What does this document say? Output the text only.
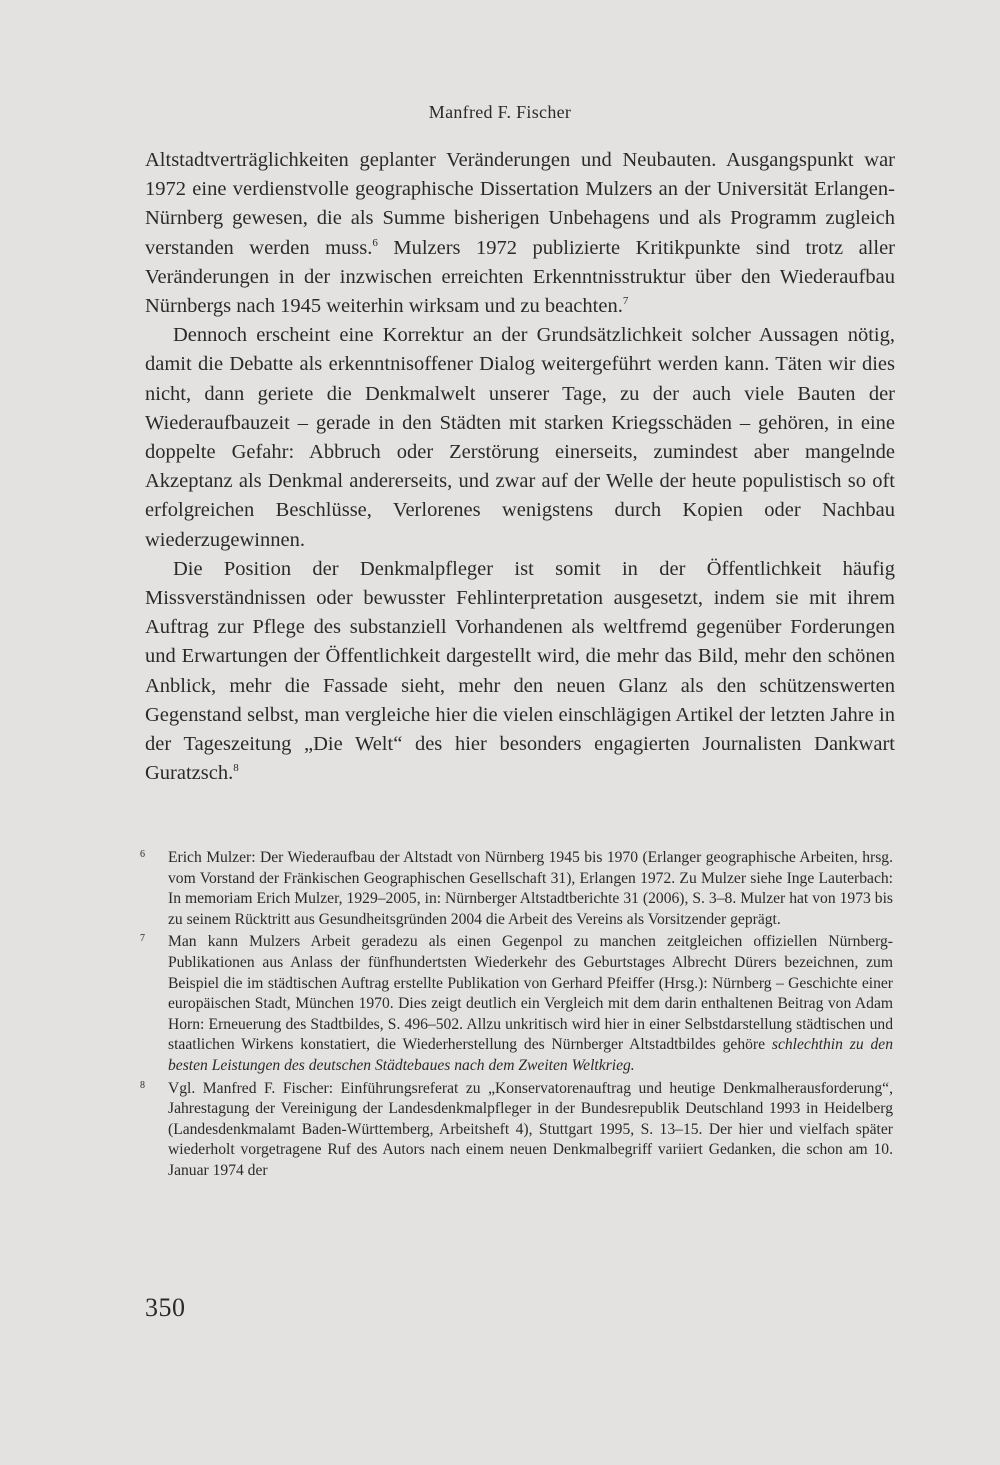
Manfred F. Fischer

Altstadtverträglichkeiten geplanter Veränderungen und Neubauten. Ausgangspunkt war 1972 eine verdienstvolle geographische Dissertation Mulzers an der Universität Erlangen-Nürnberg gewesen, die als Summe bisherigen Unbehagens und als Programm zugleich verstanden werden muss.$^6$ Mulzers 1972 publizierte Kritikpunkte sind trotz aller Veränderungen in der inzwischen erreichten Erkenntnisstruktur über den Wiederaufbau Nürnbergs nach 1945 weiterhin wirksam und zu beachten.$^7$

Dennoch erscheint eine Korrektur an der Grundsätzlichkeit solcher Aussagen nötig, damit die Debatte als erkenntnisoffener Dialog weitergeführt werden kann. Täten wir dies nicht, dann geriete die Denkmalwelt unserer Tage, zu der auch viele Bauten der Wiederaufbauzeit – gerade in den Städten mit starken Kriegsschäden – gehören, in eine doppelte Gefahr: Abbruch oder Zerstörung einerseits, zumindest aber mangelnde Akzeptanz als Denkmal andererseits, und zwar auf der Welle der heute populistisch so oft erfolgreichen Beschlüsse, Verlorenes wenigstens durch Kopien oder Nachbau wiederzugewinnen.

Die Position der Denkmalpfleger ist somit in der Öffentlichkeit häufig Missverständnissen oder bewusster Fehlinterpretation ausgesetzt, indem sie mit ihrem Auftrag zur Pflege des substanziell Vorhandenen als weltfremd gegenüber Forderungen und Erwartungen der Öffentlichkeit dargestellt wird, die mehr das Bild, mehr den schönen Anblick, mehr die Fassade sieht, mehr den neuen Glanz als den schützenswerten Gegenstand selbst, man vergleiche hier die vielen einschlägigen Artikel der letzten Jahre in der Tageszeitung „Die Welt“ des hier besonders engagierten Journalisten Dankwart Guratzsch.$^8$

6 Erich Mulzer: Der Wiederaufbau der Altstadt von Nürnberg 1945 bis 1970 (Erlanger geographische Arbeiten, hrsg. vom Vorstand der Fränkischen Geographischen Gesellschaft 31), Erlangen 1972. Zu Mulzer siehe Inge Lauterbach: In memoriam Erich Mulzer, 1929–2005, in: Nürnberger Altstadtberichte 31 (2006), S. 3–8. Mulzer hat von 1973 bis zu seinem Rücktritt aus Gesundheitsgründen 2004 die Arbeit des Vereins als Vorsitzender geprägt.
7 Man kann Mulzers Arbeit geradezu als einen Gegenpol zu manchen zeitgleichen offiziellen Nürnberg-Publikationen aus Anlass der fünfhundertsten Wiederkehr des Geburtstages Albrecht Dürers bezeichnen, zum Beispiel die im städtischen Auftrag erstellte Publikation von Gerhard Pfeiffer (Hrsg.): Nürnberg – Geschichte einer europäischen Stadt, München 1970. Dies zeigt deutlich ein Vergleich mit dem darin enthaltenen Beitrag von Adam Horn: Erneuerung des Stadtbildes, S. 496–502. Allzu unkritisch wird hier in einer Selbstdarstellung städtischen und staatlichen Wirkens konstatiert, die Wiederherstellung des Nürnberger Altstadtbildes gehöre schlechthin zu den besten Leistungen des deutschen Städtebaues nach dem Zweiten Weltkrieg.
8 Vgl. Manfred F. Fischer: Einführungsreferat zu „Konservatorenauftrag und heutige Denkmalherausforderung“, Jahrestagung der Vereinigung der Landesdenkmalpfleger in der Bundesrepublik Deutschland 1993 in Heidelberg (Landesdenkmalamt Baden-Württemberg, Arbeitsheft 4), Stuttgart 1995, S. 13–15. Der hier und vielfach später wiederholt vorgetragene Ruf des Autors nach einem neuen Denkmalbegriff variiert Gedanken, die schon am 10. Januar 1974 der
350
